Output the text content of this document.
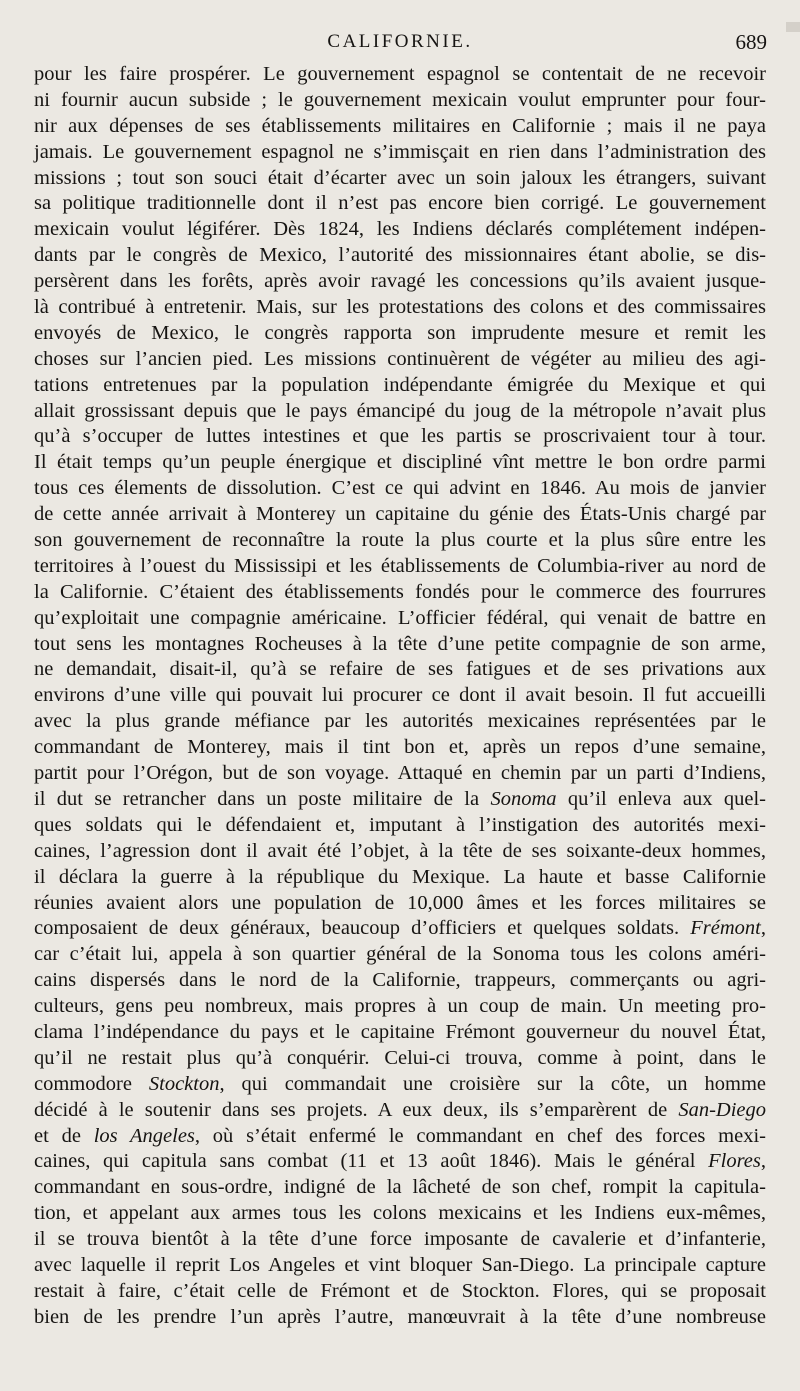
CALIFORNIE.	689
pour les faire prospérer. Le gouvernement espagnol se contentait de ne recevoir
ni fournir aucun subside ; le gouvernement mexicain voulut emprunter pour four-
nir aux dépenses de ses établissements militaires en Californie ; mais il ne paya
jamais. Le gouvernement espagnol ne s’immisçait en rien dans l’administration des
missions ; tout son souci était d’écarter avec un soin jaloux les étrangers, suivant
sa politique traditionnelle dont il n’est pas encore bien corrigé. Le gouvernement
mexicain voulut légiférer. Dès 1824, les Indiens déclarés complétement indépen-
dants par le congrès de Mexico, l’autorité des missionnaires étant abolie, se dis-
persèrent dans les forêts, après avoir ravagé les concessions qu’ils avaient jusque-
là contribué à entretenir. Mais, sur les protestations des colons et des commissaires
envoyés de Mexico, le congrès rapporta son imprudente mesure et remit les
choses sur l’ancien pied. Les missions continuèrent de végéter au milieu des agi-
tations entretenues par la population indépendante émigrée du Mexique et qui
allait grossissant depuis que le pays émancipé du joug de la métropole n’avait plus
qu’à s’occuper de luttes intestines et que les partis se proscrivaient tour à tour.
Il était temps qu’un peuple énergique et discipliné vînt mettre le bon ordre parmi
tous ces élements de dissolution. C’est ce qui advint en 1846. Au mois de janvier
de cette année arrivait à Monterey un capitaine du génie des États-Unis chargé par
son gouvernement de reconnaître la route la plus courte et la plus sûre entre les
territoires à l’ouest du Mississipi et les établissements de Columbia-river au nord de
la Californie. C’étaient des établissements fondés pour le commerce des fourrures
qu’exploitait une compagnie américaine. L’officier fédéral, qui venait de battre en
tout sens les montagnes Rocheuses à la tête d’une petite compagnie de son arme,
ne demandait, disait-il, qu’à se refaire de ses fatigues et de ses privations aux
environs d’une ville qui pouvait lui procurer ce dont il avait besoin. Il fut accueilli
avec la plus grande méfiance par les autorités mexicaines représentées par le
commandant de Monterey, mais il tint bon et, après un repos d’une semaine,
partit pour l’Orégon, but de son voyage. Attaqué en chemin par un parti d’Indiens,
il dut se retrancher dans un poste militaire de la Sonoma qu’il enleva aux quel-
ques soldats qui le défendaient et, imputant à l’instigation des autorités mexi-
caines, l’agression dont il avait été l’objet, à la tête de ses soixante-deux hommes,
il déclara la guerre à la république du Mexique. La haute et basse Californie
réunies avaient alors une population de 10,000 âmes et les forces militaires se
composaient de deux généraux, beaucoup d’officiers et quelques soldats. Frémont,
car c’était lui, appela à son quartier général de la Sonoma tous les colons améri-
cains dispersés dans le nord de la Californie, trappeurs, commerçants ou agri-
culteurs, gens peu nombreux, mais propres à un coup de main. Un meeting pro-
clama l’indépendance du pays et le capitaine Frémont gouverneur du nouvel État,
qu’il ne restait plus qu’à conquérir. Celui-ci trouva, comme à point, dans le
commodore Stockton, qui commandait une croisière sur la côte, un homme
décidé à le soutenir dans ses projets. A eux deux, ils s’emparèrent de San-Diego
et de los Angeles, où s’était enfermé le commandant en chef des forces mexi-
caines, qui capitula sans combat (11 et 13 août 1846). Mais le général Flores,
commandant en sous-ordre, indigné de la lâcheté de son chef, rompit la capitula-
tion, et appelant aux armes tous les colons mexicains et les Indiens eux-mêmes,
il se trouva bientôt à la tête d’une force imposante de cavalerie et d’infanterie,
avec laquelle il reprit Los Angeles et vint bloquer San-Diego. La principale capture
restait à faire, c’était celle de Frémont et de Stockton. Flores, qui se proposait
bien de les prendre l’un après l’autre, manœuvrait à la tête d’une nombreuse
